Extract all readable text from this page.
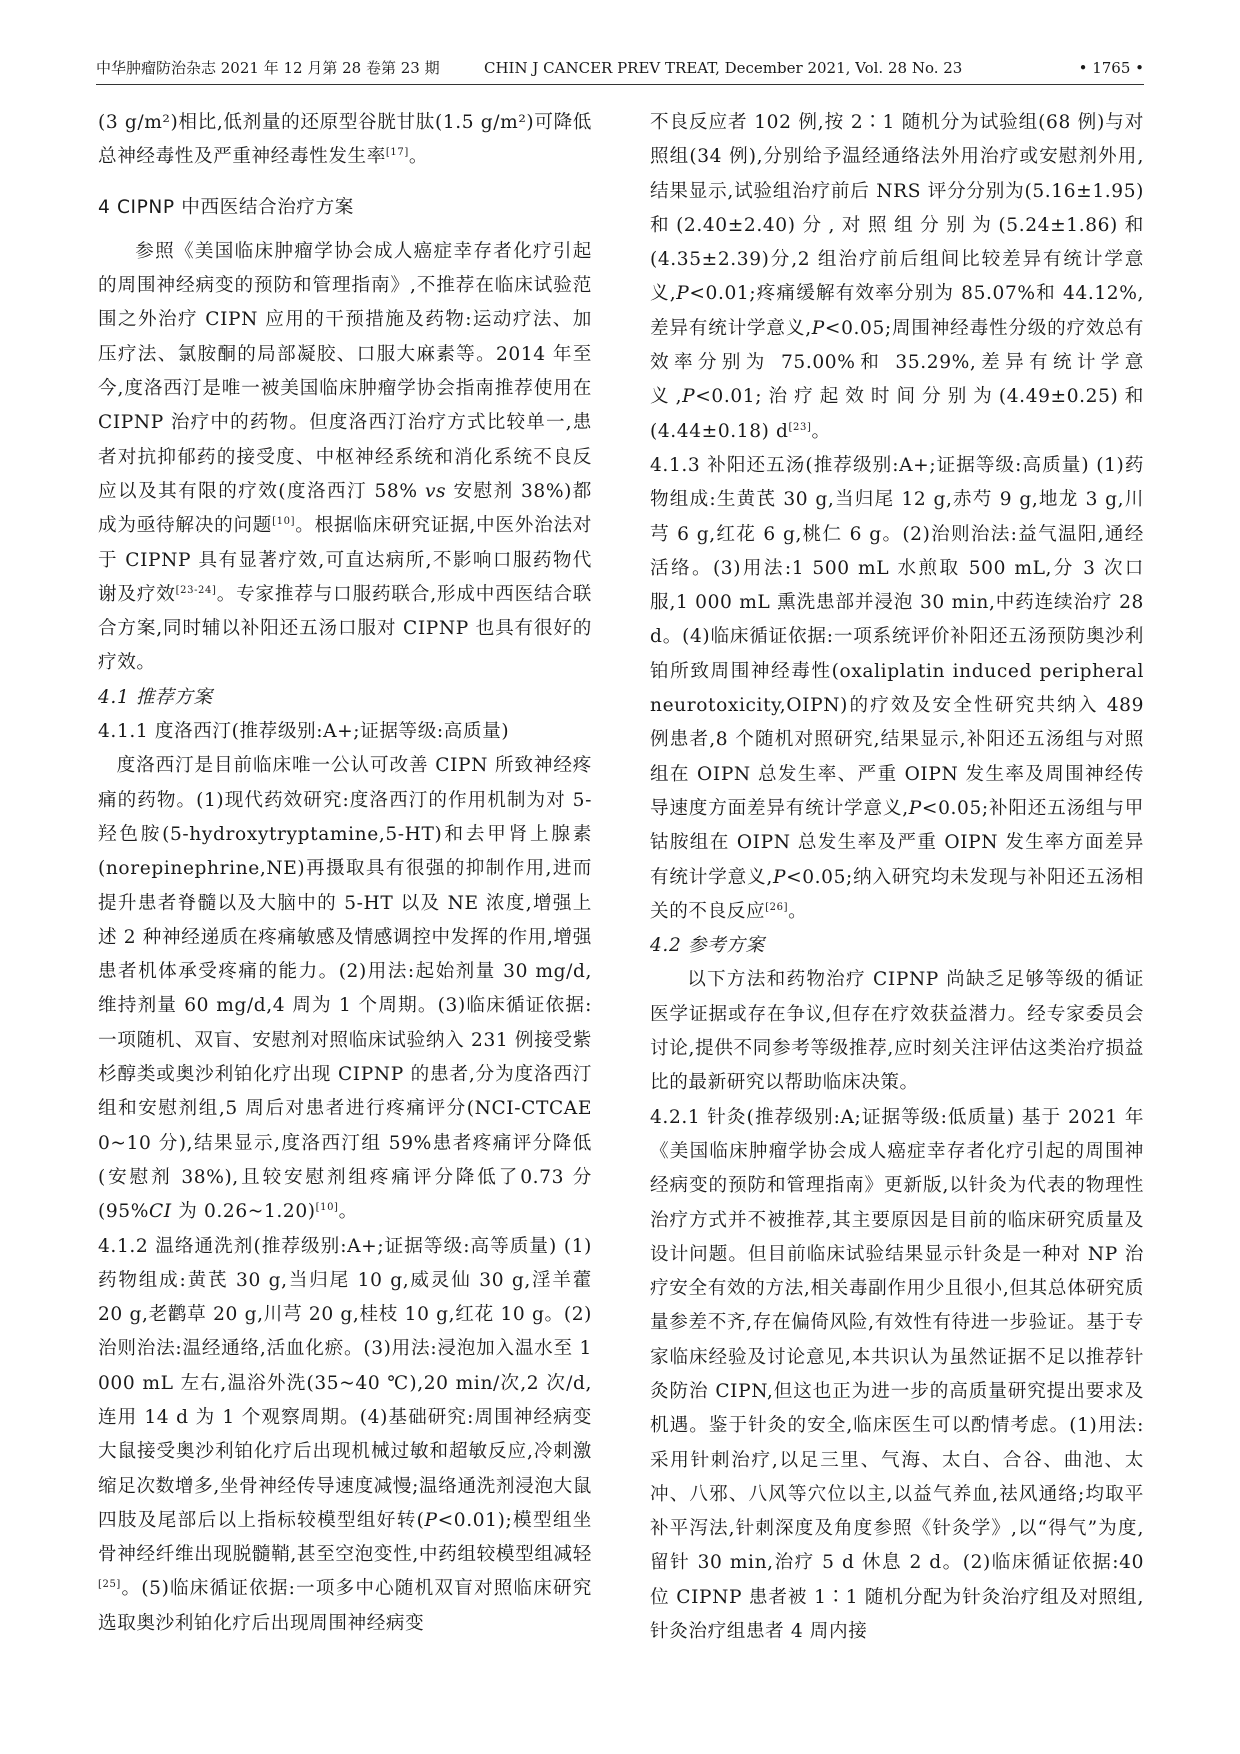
中华肿瘤防治杂志 2021 年 12 月第 28 卷第 23 期	CHIN J CANCER PREV TREAT, December 2021, Vol. 28 No. 23	• 1765 •

(3 g/m²)相比,低剂量的还原型谷胱甘肽(1.5 g/m²)可降低总神经毒性及严重神经毒性发生率[17]。

4 CIPNP 中西医结合治疗方案

参照《美国临床肿瘤学协会成人癌症幸存者化疗引起的周围神经病变的预防和管理指南》,不推荐在临床试验范围之外治疗 CIPN 应用的干预措施及药物:运动疗法、加压疗法、氯胺酮的局部凝胶、口服大麻素等。2014 年至今,度洛西汀是唯一被美国临床肿瘤学协会指南推荐使用在 CIPNP 治疗中的药物。但度洛西汀治疗方式比较单一,患者对抗抑郁药的接受度、中枢神经系统和消化系统不良反应以及其有限的疗效(度洛西汀 58% vs 安慰剂 38%)都成为亟待解决的问题[10]。根据临床研究证据,中医外治法对于 CIPNP 具有显著疗效,可直达病所,不影响口服药物代谢及疗效[23-24]。专家推荐与口服药联合,形成中西医结合联合方案,同时辅以补阳还五汤口服对 CIPNP 也具有很好的疗效。

4.1 推荐方案

4.1.1 度洛西汀(推荐级别:A+;证据等级:高质量)

度洛西汀是目前临床唯一公认可改善 CIPN 所致神经疼痛的药物。(1)现代药效研究:度洛西汀的作用机制为对 5-羟色胺(5-hydroxytryptamine,5-HT)和去甲肾上腺素(norepinephrine,NE)再摄取具有很强的抑制作用,进而提升患者脊髓以及大脑中的 5-HT 以及 NE 浓度,增强上述 2 种神经递质在疼痛敏感及情感调控中发挥的作用,增强患者机体承受疼痛的能力。(2)用法:起始剂量 30 mg/d,维持剂量 60 mg/d,4 周为 1 个周期。(3)临床循证依据:一项随机、双盲、安慰剂对照临床试验纳入 231 例接受紫杉醇类或奥沙利铂化疗出现 CIPNP 的患者,分为度洛西汀组和安慰剂组,5 周后对患者进行疼痛评分(NCI-CTCAE 0~10 分),结果显示,度洛西汀组 59%患者疼痛评分降低(安慰剂 38%),且较安慰剂组疼痛评分降低了0.73 分(95%CI 为 0.26~1.20)[10]。

4.1.2 温络通洗剂(推荐级别:A+;证据等级:高等质量) (1)药物组成:黄芪 30 g,当归尾 10 g,威灵仙 30 g,淫羊藿 20 g,老鹳草 20 g,川芎 20 g,桂枝 10 g,红花 10 g。(2)治则治法:温经通络,活血化瘀。(3)用法:浸泡加入温水至 1 000 mL 左右,温浴外洗(35~40 ℃),20 min/次,2 次/d,连用 14 d 为 1 个观察周期。(4)基础研究:周围神经病变大鼠接受奥沙利铂化疗后出现机械过敏和超敏反应,冷刺激缩足次数增多,坐骨神经传导速度减慢;温络通洗剂浸泡大鼠四肢及尾部后以上指标较模型组好转(P<0.01);模型组坐骨神经纤维出现脱髓鞘,甚至空泡变性,中药组较模型组减轻[25]。(5)临床循证依据:一项多中心随机双盲对照临床研究选取奥沙利铂化疗后出现周围神经病变

不良反应者 102 例,按 2∶1 随机分为试验组(68 例)与对照组(34 例),分别给予温经通络法外用治疗或安慰剂外用,结果显示,试验组治疗前后 NRS 评分分别为(5.16±1.95)和(2.40±2.40)分,对照组分别为(5.24±1.86)和(4.35±2.39)分,2 组治疗前后组间比较差异有统计学意义,P<0.01;疼痛缓解有效率分别为 85.07%和 44.12%,差异有统计学意义,P<0.05;周围神经毒性分级的疗效总有效率分别为 75.00%和 35.29%,差异有统计学意义,P<0.01;治疗起效时间分别为(4.49±0.25)和(4.44±0.18) d[23]。

4.1.3 补阳还五汤(推荐级别:A+;证据等级:高质量) (1)药物组成:生黄芪 30 g,当归尾 12 g,赤芍 9 g,地龙 3 g,川芎 6 g,红花 6 g,桃仁 6 g。(2)治则治法:益气温阳,通经活络。(3)用法:1 500 mL 水煎取 500 mL,分 3 次口服,1 000 mL 熏洗患部并浸泡 30 min,中药连续治疗 28 d。(4)临床循证依据:一项系统评价补阳还五汤预防奥沙利铂所致周围神经毒性(oxaliplatin induced peripheral neurotoxicity,OIPN)的疗效及安全性研究共纳入 489 例患者,8 个随机对照研究,结果显示,补阳还五汤组与对照组在 OIPN 总发生率、严重 OIPN 发生率及周围神经传导速度方面差异有统计学意义,P<0.05;补阳还五汤组与甲钴胺组在 OIPN 总发生率及严重 OIPN 发生率方面差异有统计学意义,P<0.05;纳入研究均未发现与补阳还五汤相关的不良反应[26]。

4.2 参考方案

以下方法和药物治疗 CIPNP 尚缺乏足够等级的循证医学证据或存在争议,但存在疗效获益潜力。经专家委员会讨论,提供不同参考等级推荐,应时刻关注评估这类治疗损益比的最新研究以帮助临床决策。

4.2.1 针灸(推荐级别:A;证据等级:低质量) 基于 2021 年《美国临床肿瘤学协会成人癌症幸存者化疗引起的周围神经病变的预防和管理指南》更新版,以针灸为代表的物理性治疗方式并不被推荐,其主要原因是目前的临床研究质量及设计问题。但目前临床试验结果显示针灸是一种对 NP 治疗安全有效的方法,相关毒副作用少且很小,但其总体研究质量参差不齐,存在偏倚风险,有效性有待进一步验证。基于专家临床经验及讨论意见,本共识认为虽然证据不足以推荐针灸防治 CIPN,但这也正为进一步的高质量研究提出要求及机遇。鉴于针灸的安全,临床医生可以酌情考虑。(1)用法:采用针刺治疗,以足三里、气海、太白、合谷、曲池、太冲、八邪、八风等穴位以主,以益气养血,祛风通络;均取平补平泻法,针刺深度及角度参照《针灸学》,以“得气”为度,留针 30 min,治疗 5 d 休息 2 d。(2)临床循证依据:40 位 CIPNP 患者被 1∶1 随机分配为针灸治疗组及对照组,针灸治疗组患者 4 周内接
